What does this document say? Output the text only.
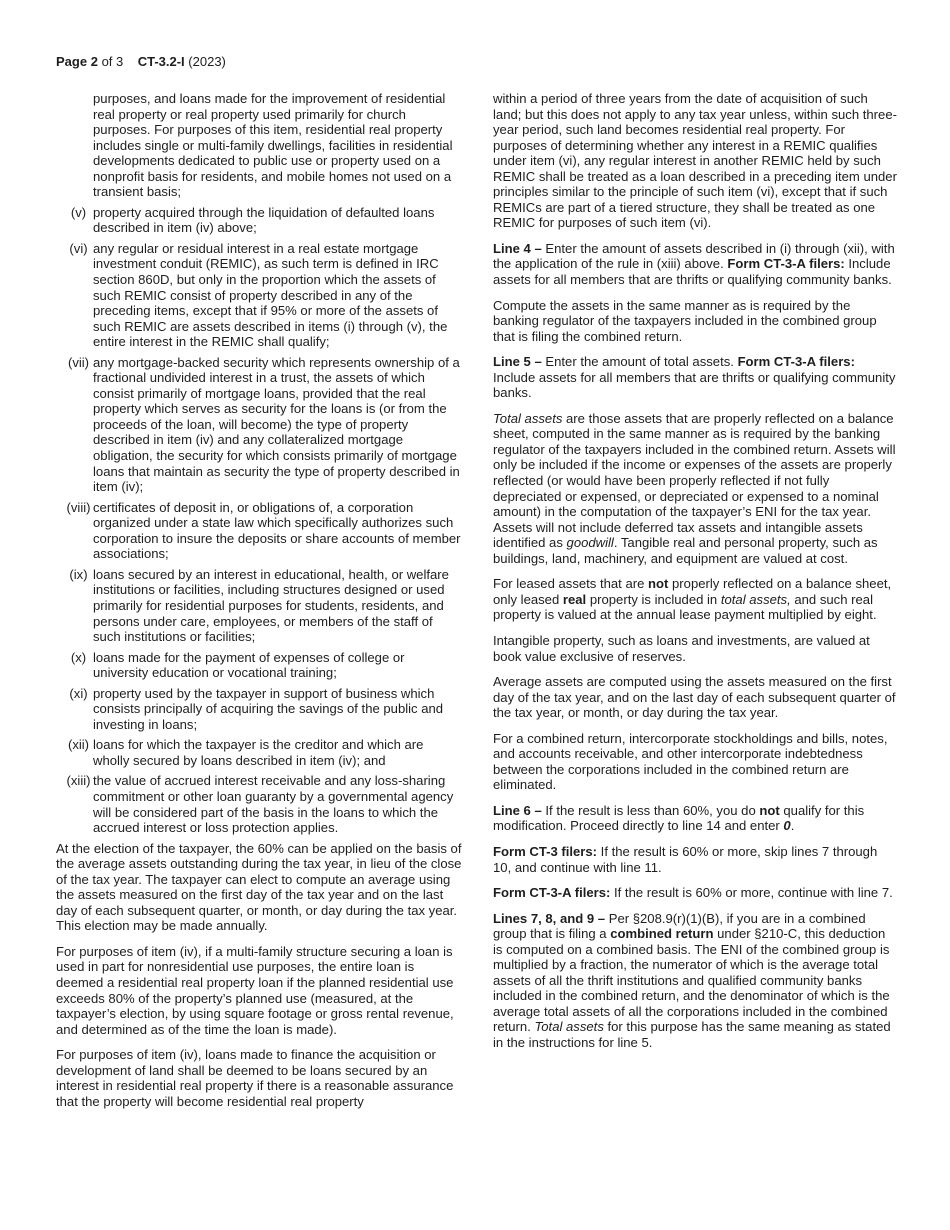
Page 2 of 3 CT-3.2-I (2023)
purposes, and loans made for the improvement of residential real property or real property used primarily for church purposes. For purposes of this item, residential real property includes single or multi-family dwellings, facilities in residential developments dedicated to public use or property used on a nonprofit basis for residents, and mobile homes not used on a transient basis;
(v) property acquired through the liquidation of defaulted loans described in item (iv) above;
(vi) any regular or residual interest in a real estate mortgage investment conduit (REMIC), as such term is defined in IRC section 860D, but only in the proportion which the assets of such REMIC consist of property described in any of the preceding items, except that if 95% or more of the assets of such REMIC are assets described in items (i) through (v), the entire interest in the REMIC shall qualify;
(vii) any mortgage-backed security which represents ownership of a fractional undivided interest in a trust, the assets of which consist primarily of mortgage loans, provided that the real property which serves as security for the loans is (or from the proceeds of the loan, will become) the type of property described in item (iv) and any collateralized mortgage obligation, the security for which consists primarily of mortgage loans that maintain as security the type of property described in item (iv);
(viii) certificates of deposit in, or obligations of, a corporation organized under a state law which specifically authorizes such corporation to insure the deposits or share accounts of member associations;
(ix) loans secured by an interest in educational, health, or welfare institutions or facilities, including structures designed or used primarily for residential purposes for students, residents, and persons under care, employees, or members of the staff of such institutions or facilities;
(x) loans made for the payment of expenses of college or university education or vocational training;
(xi) property used by the taxpayer in support of business which consists principally of acquiring the savings of the public and investing in loans;
(xii) loans for which the taxpayer is the creditor and which are wholly secured by loans described in item (iv); and
(xiii) the value of accrued interest receivable and any loss-sharing commitment or other loan guaranty by a governmental agency will be considered part of the basis in the loans to which the accrued interest or loss protection applies.

At the election of the taxpayer, the 60% can be applied on the basis of the average assets outstanding during the tax year, in lieu of the close of the tax year. The taxpayer can elect to compute an average using the assets measured on the first day of the tax year and on the last day of each subsequent quarter, or month, or day during the tax year. This election may be made annually.

For purposes of item (iv), if a multi-family structure securing a loan is used in part for nonresidential use purposes, the entire loan is deemed a residential real property loan if the planned residential use exceeds 80% of the property’s planned use (measured, at the taxpayer’s election, by using square footage or gross rental revenue, and determined as of the time the loan is made).

For purposes of item (iv), loans made to finance the acquisition or development of land shall be deemed to be loans secured by an interest in residential real property if there is a reasonable assurance that the property will become residential real property

within a period of three years from the date of acquisition of such land; but this does not apply to any tax year unless, within such three-year period, such land becomes residential real property. For purposes of determining whether any interest in a REMIC qualifies under item (vi), any regular interest in another REMIC held by such REMIC shall be treated as a loan described in a preceding item under principles similar to the principle of such item (vi), except that if such REMICs are part of a tiered structure, they shall be treated as one REMIC for purposes of such item (vi).

Line 4 – Enter the amount of assets described in (i) through (xii), with the application of the rule in (xiii) above. Form CT-3-A filers: Include assets for all members that are thrifts or qualifying community banks.

Compute the assets in the same manner as is required by the banking regulator of the taxpayers included in the combined group that is filing the combined return.

Line 5 – Enter the amount of total assets. Form CT-3-A filers: Include assets for all members that are thrifts or qualifying community banks.

Total assets are those assets that are properly reflected on a balance sheet, computed in the same manner as is required by the banking regulator of the taxpayers included in the combined return. Assets will only be included if the income or expenses of the assets are properly reflected (or would have been properly reflected if not fully depreciated or expensed, or depreciated or expensed to a nominal amount) in the computation of the taxpayer’s ENI for the tax year. Assets will not include deferred tax assets and intangible assets identified as goodwill. Tangible real and personal property, such as buildings, land, machinery, and equipment are valued at cost.

For leased assets that are not properly reflected on a balance sheet, only leased real property is included in total assets, and such real property is valued at the annual lease payment multiplied by eight.

Intangible property, such as loans and investments, are valued at book value exclusive of reserves.

Average assets are computed using the assets measured on the first day of the tax year, and on the last day of each subsequent quarter of the tax year, or month, or day during the tax year.

For a combined return, intercorporate stockholdings and bills, notes, and accounts receivable, and other intercorporate indebtedness between the corporations included in the combined return are eliminated.

Line 6 – If the result is less than 60%, you do not qualify for this modification. Proceed directly to line 14 and enter 0.

Form CT-3 filers: If the result is 60% or more, skip lines 7 through 10, and continue with line 11.

Form CT-3-A filers: If the result is 60% or more, continue with line 7.

Lines 7, 8, and 9 – Per §208.9(r)(1)(B), if you are in a combined group that is filing a combined return under §210-C, this deduction is computed on a combined basis. The ENI of the combined group is multiplied by a fraction, the numerator of which is the average total assets of all the thrift institutions and qualified community banks included in the combined return, and the denominator of which is the average total assets of all the corporations included in the combined return. Total assets for this purpose has the same meaning as stated in the instructions for line 5.
